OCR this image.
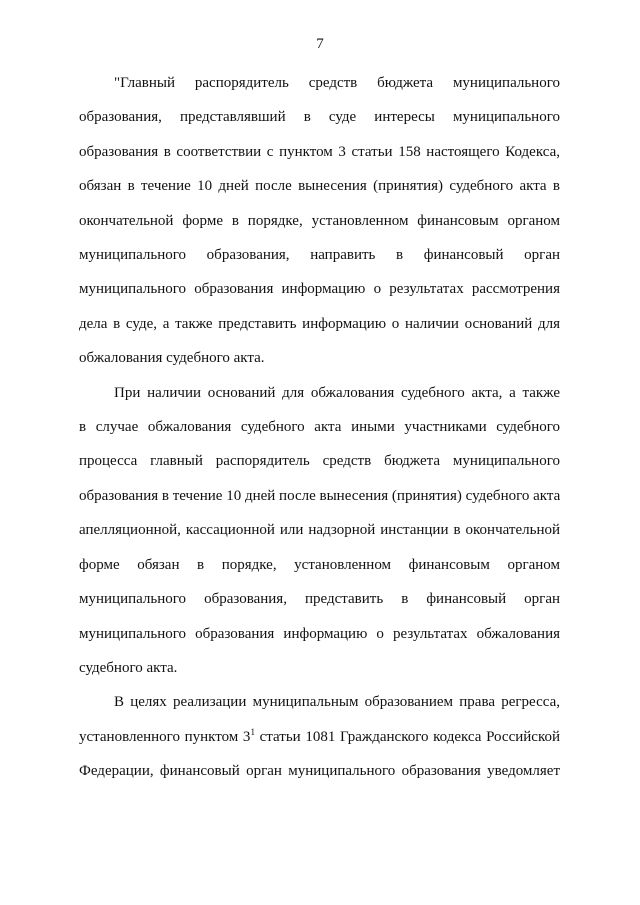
7

"Главный распорядитель средств бюджета муниципального
образования, представлявший в суде интересы муниципального
образования в соответствии с пунктом 3 статьи 158 настоящего Кодекса,
обязан в течение 10 дней после вынесения (принятия) судебного акта в
окончательной форме в порядке, установленном финансовым органом
муниципального образования, направить в финансовый орган
муниципального образования информацию о результатах рассмотрения
дела в суде, а также представить информацию о наличии оснований для
обжалования судебного акта.

При наличии оснований для обжалования судебного акта, а также
в случае обжалования судебного акта иными участниками судебного
процесса главный распорядитель средств бюджета муниципального
образования в течение 10 дней после вынесения (принятия) судебного акта
апелляционной, кассационной или надзорной инстанции в окончательной
форме обязан в порядке, установленном финансовым органом
муниципального образования, представить в финансовый орган
муниципального образования информацию о результатах обжалования
судебного акта.

В целях реализации муниципальным образованием права регресса,
установленного пунктом $3^1$ статьи 1081 Гражданского кодекса Российской
Федерации, финансовый орган муниципального образования уведомляет
